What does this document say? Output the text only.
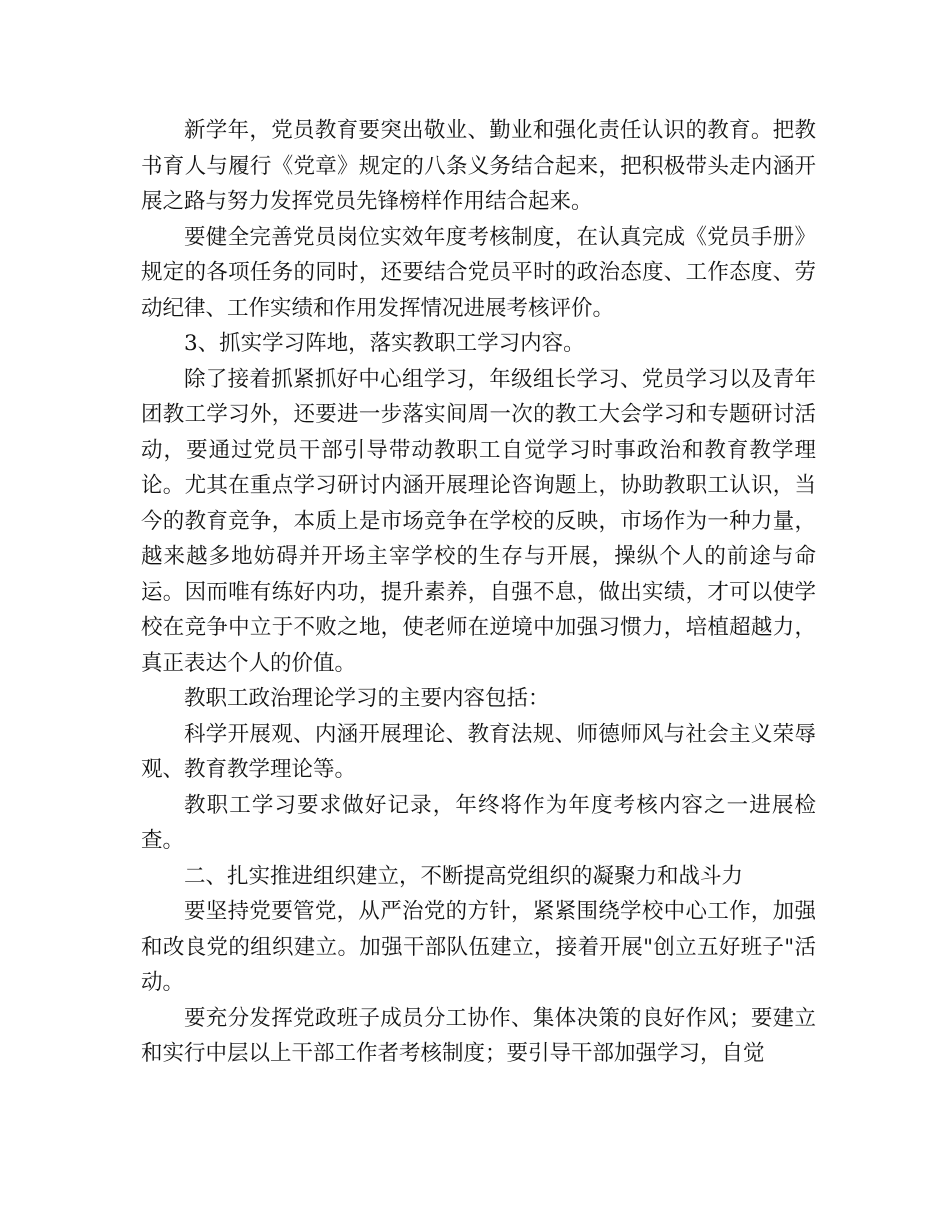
新学年，党员教育要突出敬业、勤业和强化责任认识的教育。把教书育人与履行《党章》规定的八条义务结合起来，把积极带头走内涵开展之路与努力发挥党员先锋榜样作用结合起来。

要健全完善党员岗位实效年度考核制度，在认真完成《党员手册》规定的各项任务的同时，还要结合党员平时的政治态度、工作态度、劳动纪律、工作实绩和作用发挥情况进展考核评价。

3、抓实学习阵地，落实教职工学习内容。

除了接着抓紧抓好中心组学习，年级组长学习、党员学习以及青年团教工学习外，还要进一步落实间周一次的教工大会学习和专题研讨活动，要通过党员干部引导带动教职工自觉学习时事政治和教育教学理论。尤其在重点学习研讨内涵开展理论咨询题上，协助教职工认识，当今的教育竞争，本质上是市场竞争在学校的反映，市场作为一种力量，越来越多地妨碍并开场主宰学校的生存与开展，操纵个人的前途与命运。因而唯有练好内功，提升素养，自强不息，做出实绩，才可以使学校在竞争中立于不败之地，使老师在逆境中加强习惯力，培植超越力，真正表达个人的价值。

教职工政治理论学习的主要内容包括：

科学开展观、内涵开展理论、教育法规、师德师风与社会主义荣辱观、教育教学理论等。

教职工学习要求做好记录，年终将作为年度考核内容之一进展检查。

二、扎实推进组织建立，不断提高党组织的凝聚力和战斗力

要坚持党要管党，从严治党的方针，紧紧围绕学校中心工作，加强和改良党的组织建立。加强干部队伍建立，接着开展"创立五好班子"活动。

要充分发挥党政班子成员分工协作、集体决策的良好作风；要建立和实行中层以上干部工作者考核制度；要引导干部加强学习，自觉
